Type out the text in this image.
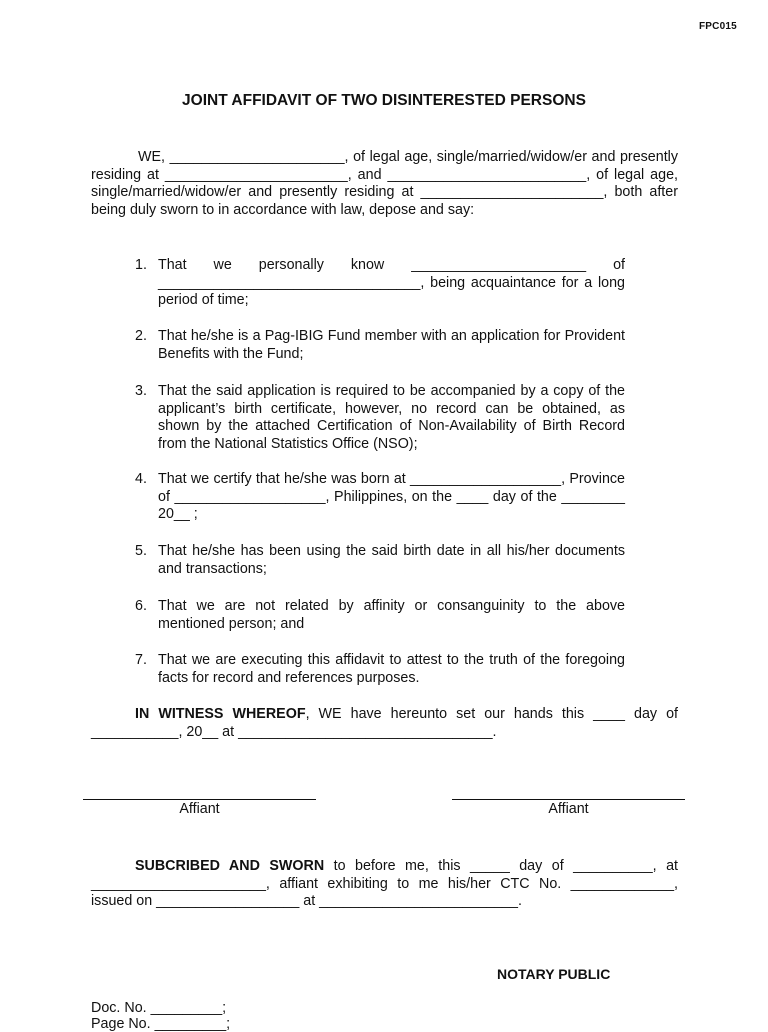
FPC015
JOINT AFFIDAVIT OF TWO DISINTERESTED PERSONS
WE, ______________________, of legal age, single/married/widow/er and presently residing at _______________________, and _________________________, of legal age, single/married/widow/er and presently residing at _______________________, both after being duly sworn to in accordance with law, depose and say:
1. That we personally know ______________________ of _________________________________, being acquaintance for a long period of time;
2. That he/she is a Pag-IBIG Fund member with an application for Provident Benefits with the Fund;
3. That the said application is required to be accompanied by a copy of the applicant’s birth certificate, however, no record can be obtained, as shown by the attached Certification of Non-Availability of Birth Record from the National Statistics Office (NSO);
4. That we certify that he/she was born at ___________________, Province of ___________________, Philippines, on the ____ day of the ________ 20__ ;
5. That he/she has been using the said birth date in all his/her documents and transactions;
6. That we are not related by affinity or consanguinity to the above mentioned person; and
7. That we are executing this affidavit to attest to the truth of the foregoing facts for record and references purposes.
IN WITNESS WHEREOF, WE have hereunto set our hands this ____ day of ___________, 20__ at ________________________________.
Affiant	Affiant
SUBCRIBED AND SWORN to before me, this _____ day of __________, at ______________________, affiant exhibiting to me his/her CTC No. _____________, issued on __________________ at _________________________.
NOTARY PUBLIC
Doc. No. _________;
Page No. _________;
